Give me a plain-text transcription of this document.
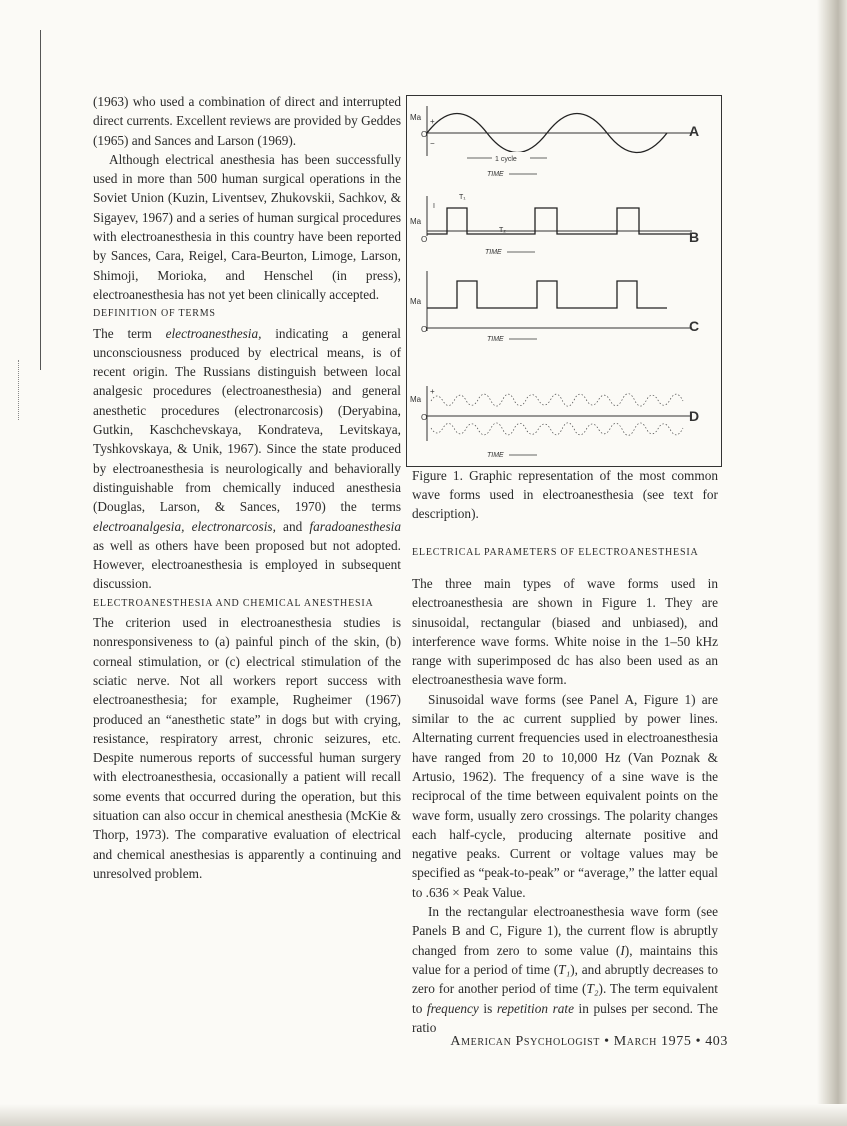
(1963) who used a combination of direct and interrupted direct currents. Excellent reviews are provided by Geddes (1965) and Sances and Larson (1969).

Although electrical anesthesia has been successfully used in more than 500 human surgical operations in the Soviet Union (Kuzin, Liventsev, Zhukovskii, Sachkov, & Sigayev, 1967) and a series of human surgical procedures with electroanesthesia in this country have been reported by Sances, Cara, Reigel, Cara-Beurton, Limoge, Larson, Shimoji, Morioka, and Henschel (in press), electroanesthesia has not yet been clinically accepted.

DEFINITION OF TERMS

The term electroanesthesia, indicating a general unconsciousness produced by electrical means, is of recent origin. The Russians distinguish between local analgesic procedures (electroanesthesia) and general anesthetic procedures (electronarcosis) (Deryabina, Gutkin, Kaschchevskaya, Kondrateva, Levitskaya, Tyshkovskaya, & Unik, 1967). Since the state produced by electroanesthesia is neurologically and behaviorally distinguishable from chemically induced anesthesia (Douglas, Larson, & Sances, 1970) the terms electroanalgesia, electronarcosis, and faradoanesthesia as well as others have been proposed but not adopted. However, electroanesthesia is employed in subsequent discussion.

ELECTROANESTHESIA AND CHEMICAL ANESTHESIA

The criterion used in electroanesthesia studies is nonresponsiveness to (a) painful pinch of the skin, (b) corneal stimulation, or (c) electrical stimulation of the sciatic nerve. Not all workers report success with electroanesthesia; for example, Rugheimer (1967) produced an “anesthetic state” in dogs but with crying, resistance, respiratory arrest, chronic seizures, etc. Despite numerous reports of successful human surgery with electroanesthesia, occasionally a patient will recall some events that occurred during the operation, but this situation can also occur in chemical anesthesia (McKie & Thorp, 1973). The comparative evaluation of electrical and chemical anesthesias is apparently a continuing and unresolved problem.

Ma
O
+
−
A
1 cycle
TIME
Ma
O
I
T₁
T₂	B
TIME
Ma
O	C
TIME
Ma
O
+
D
TIME
Figure 1. Graphic representation of the most common wave forms used in electroanesthesia (see text for description).
ELECTRICAL PARAMETERS OF ELECTROANESTHESIA

The three main types of wave forms used in electroanesthesia are shown in Figure 1. They are sinusoidal, rectangular (biased and unbiased), and interference wave forms. White noise in the 1–50 kHz range with superimposed dc has also been used as an electroanesthesia wave form.

Sinusoidal wave forms (see Panel A, Figure 1) are similar to the ac current supplied by power lines. Alternating current frequencies used in electroanesthesia have ranged from 20 to 10,000 Hz (Van Poznak & Artusio, 1962). The frequency of a sine wave is the reciprocal of the time between equivalent points on the wave form, usually zero crossings. The polarity changes each half-cycle, producing alternate positive and negative peaks. Current or voltage values may be specified as “peak-to-peak” or “average,” the latter equal to .636 × Peak Value.

In the rectangular electroanesthesia wave form (see Panels B and C, Figure 1), the current flow is abruptly changed from zero to some value (I), maintains this value for a period of time (T₁), and abruptly decreases to zero for another period of time (T₂). The term equivalent to frequency is repetition rate in pulses per second. The ratio

American Psychologist • March 1975 • 403
